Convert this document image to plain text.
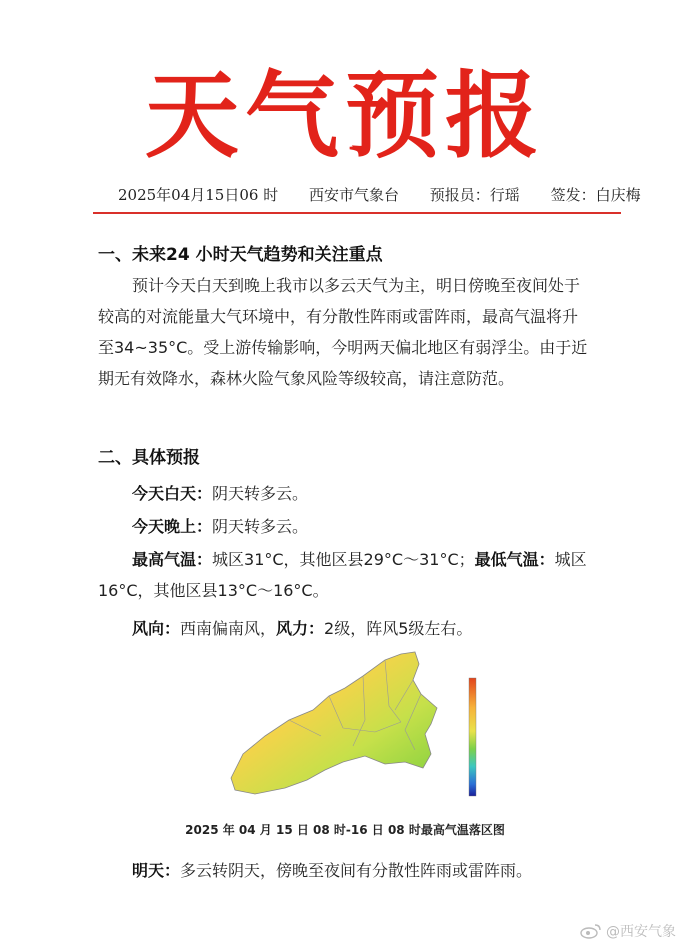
天气预报
2025年04月15日06 时 西安市气象台 预报员：行瑶 签发：白庆梅
一、未来24 小时天气趋势和关注重点
预计今天白天到晚上我市以多云天气为主，明日傍晚至夜间处于较高的对流能量大气环境中，有分散性阵雨或雷阵雨，最高气温将升至34~35°C。受上游传输影响，今明两天偏北地区有弱浮尘。由于近期无有效降水，森林火险气象风险等级较高，请注意防范。
二、具体预报
今天白天：阴天转多云。
今天晚上：阴天转多云。
最高气温：城区31°C，其他区县29°C～31°C；最低气温：城区16°C，其他区县13°C～16°C。
风向：西南偏南风，风力：2级，阵风5级左右。
2025 年 04 月 15 日 08 时-16 日 08 时最高气温落区图
明天：多云转阴天，傍晚至夜间有分散性阵雨或雷阵雨。
@西安气象
